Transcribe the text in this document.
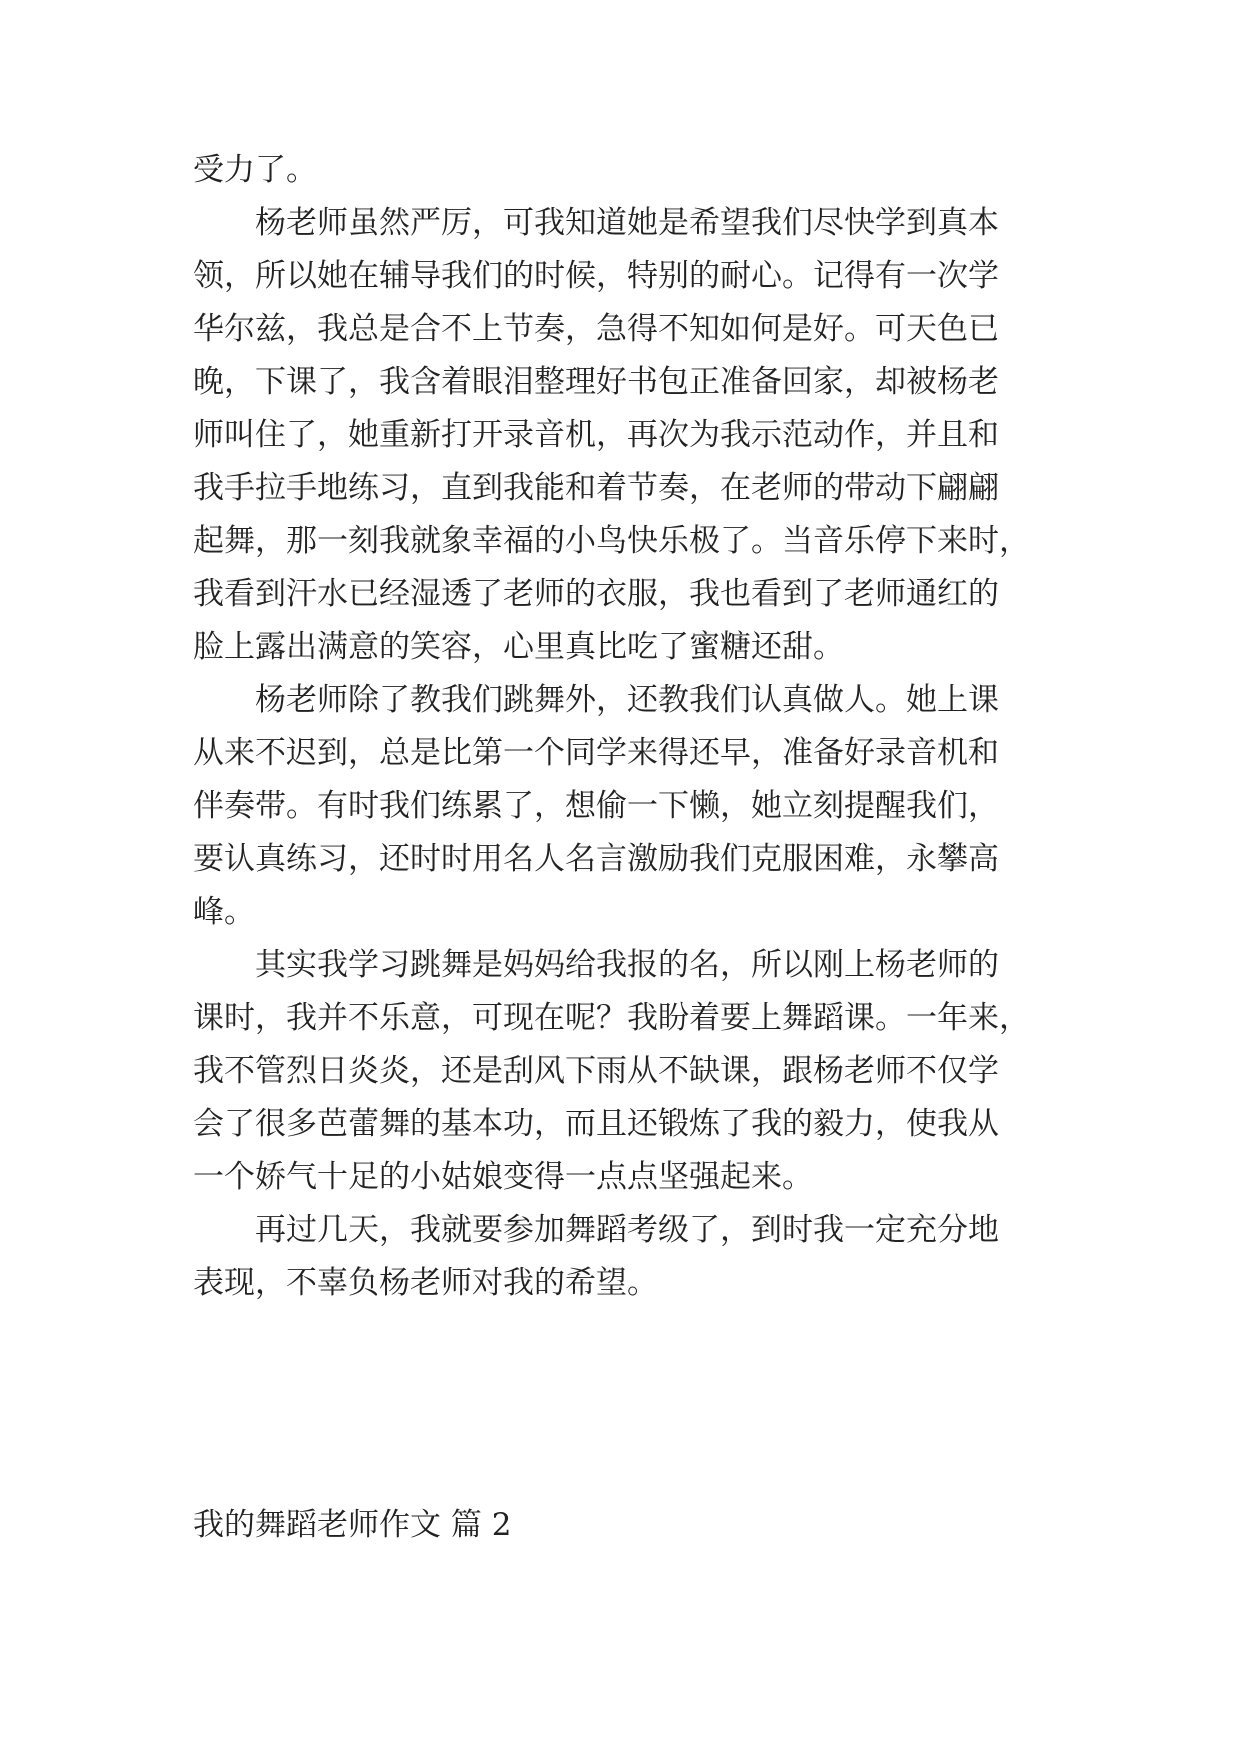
受力了。
杨老师虽然严厉，可我知道她是希望我们尽快学到真本
领，所以她在辅导我们的时候，特别的耐心。记得有一次学
华尔兹，我总是合不上节奏，急得不知如何是好。可天色已
晚，下课了，我含着眼泪整理好书包正准备回家，却被杨老
师叫住了，她重新打开录音机，再次为我示范动作，并且和
我手拉手地练习，直到我能和着节奏，在老师的带动下翩翩
起舞，那一刻我就象幸福的小鸟快乐极了。当音乐停下来时，
我看到汗水已经湿透了老师的衣服，我也看到了老师通红的
脸上露出满意的笑容，心里真比吃了蜜糖还甜。
杨老师除了教我们跳舞外，还教我们认真做人。她上课
从来不迟到，总是比第一个同学来得还早，准备好录音机和
伴奏带。有时我们练累了，想偷一下懒，她立刻提醒我们，
要认真练习，还时时用名人名言激励我们克服困难，永攀高
峰。
其实我学习跳舞是妈妈给我报的名，所以刚上杨老师的
课时，我并不乐意，可现在呢？我盼着要上舞蹈课。一年来，
我不管烈日炎炎，还是刮风下雨从不缺课，跟杨老师不仅学
会了很多芭蕾舞的基本功，而且还锻炼了我的毅力，使我从
一个娇气十足的小姑娘变得一点点坚强起来。
再过几天，我就要参加舞蹈考级了，到时我一定充分地
表现，不辜负杨老师对我的希望。
我的舞蹈老师作文 篇 2
